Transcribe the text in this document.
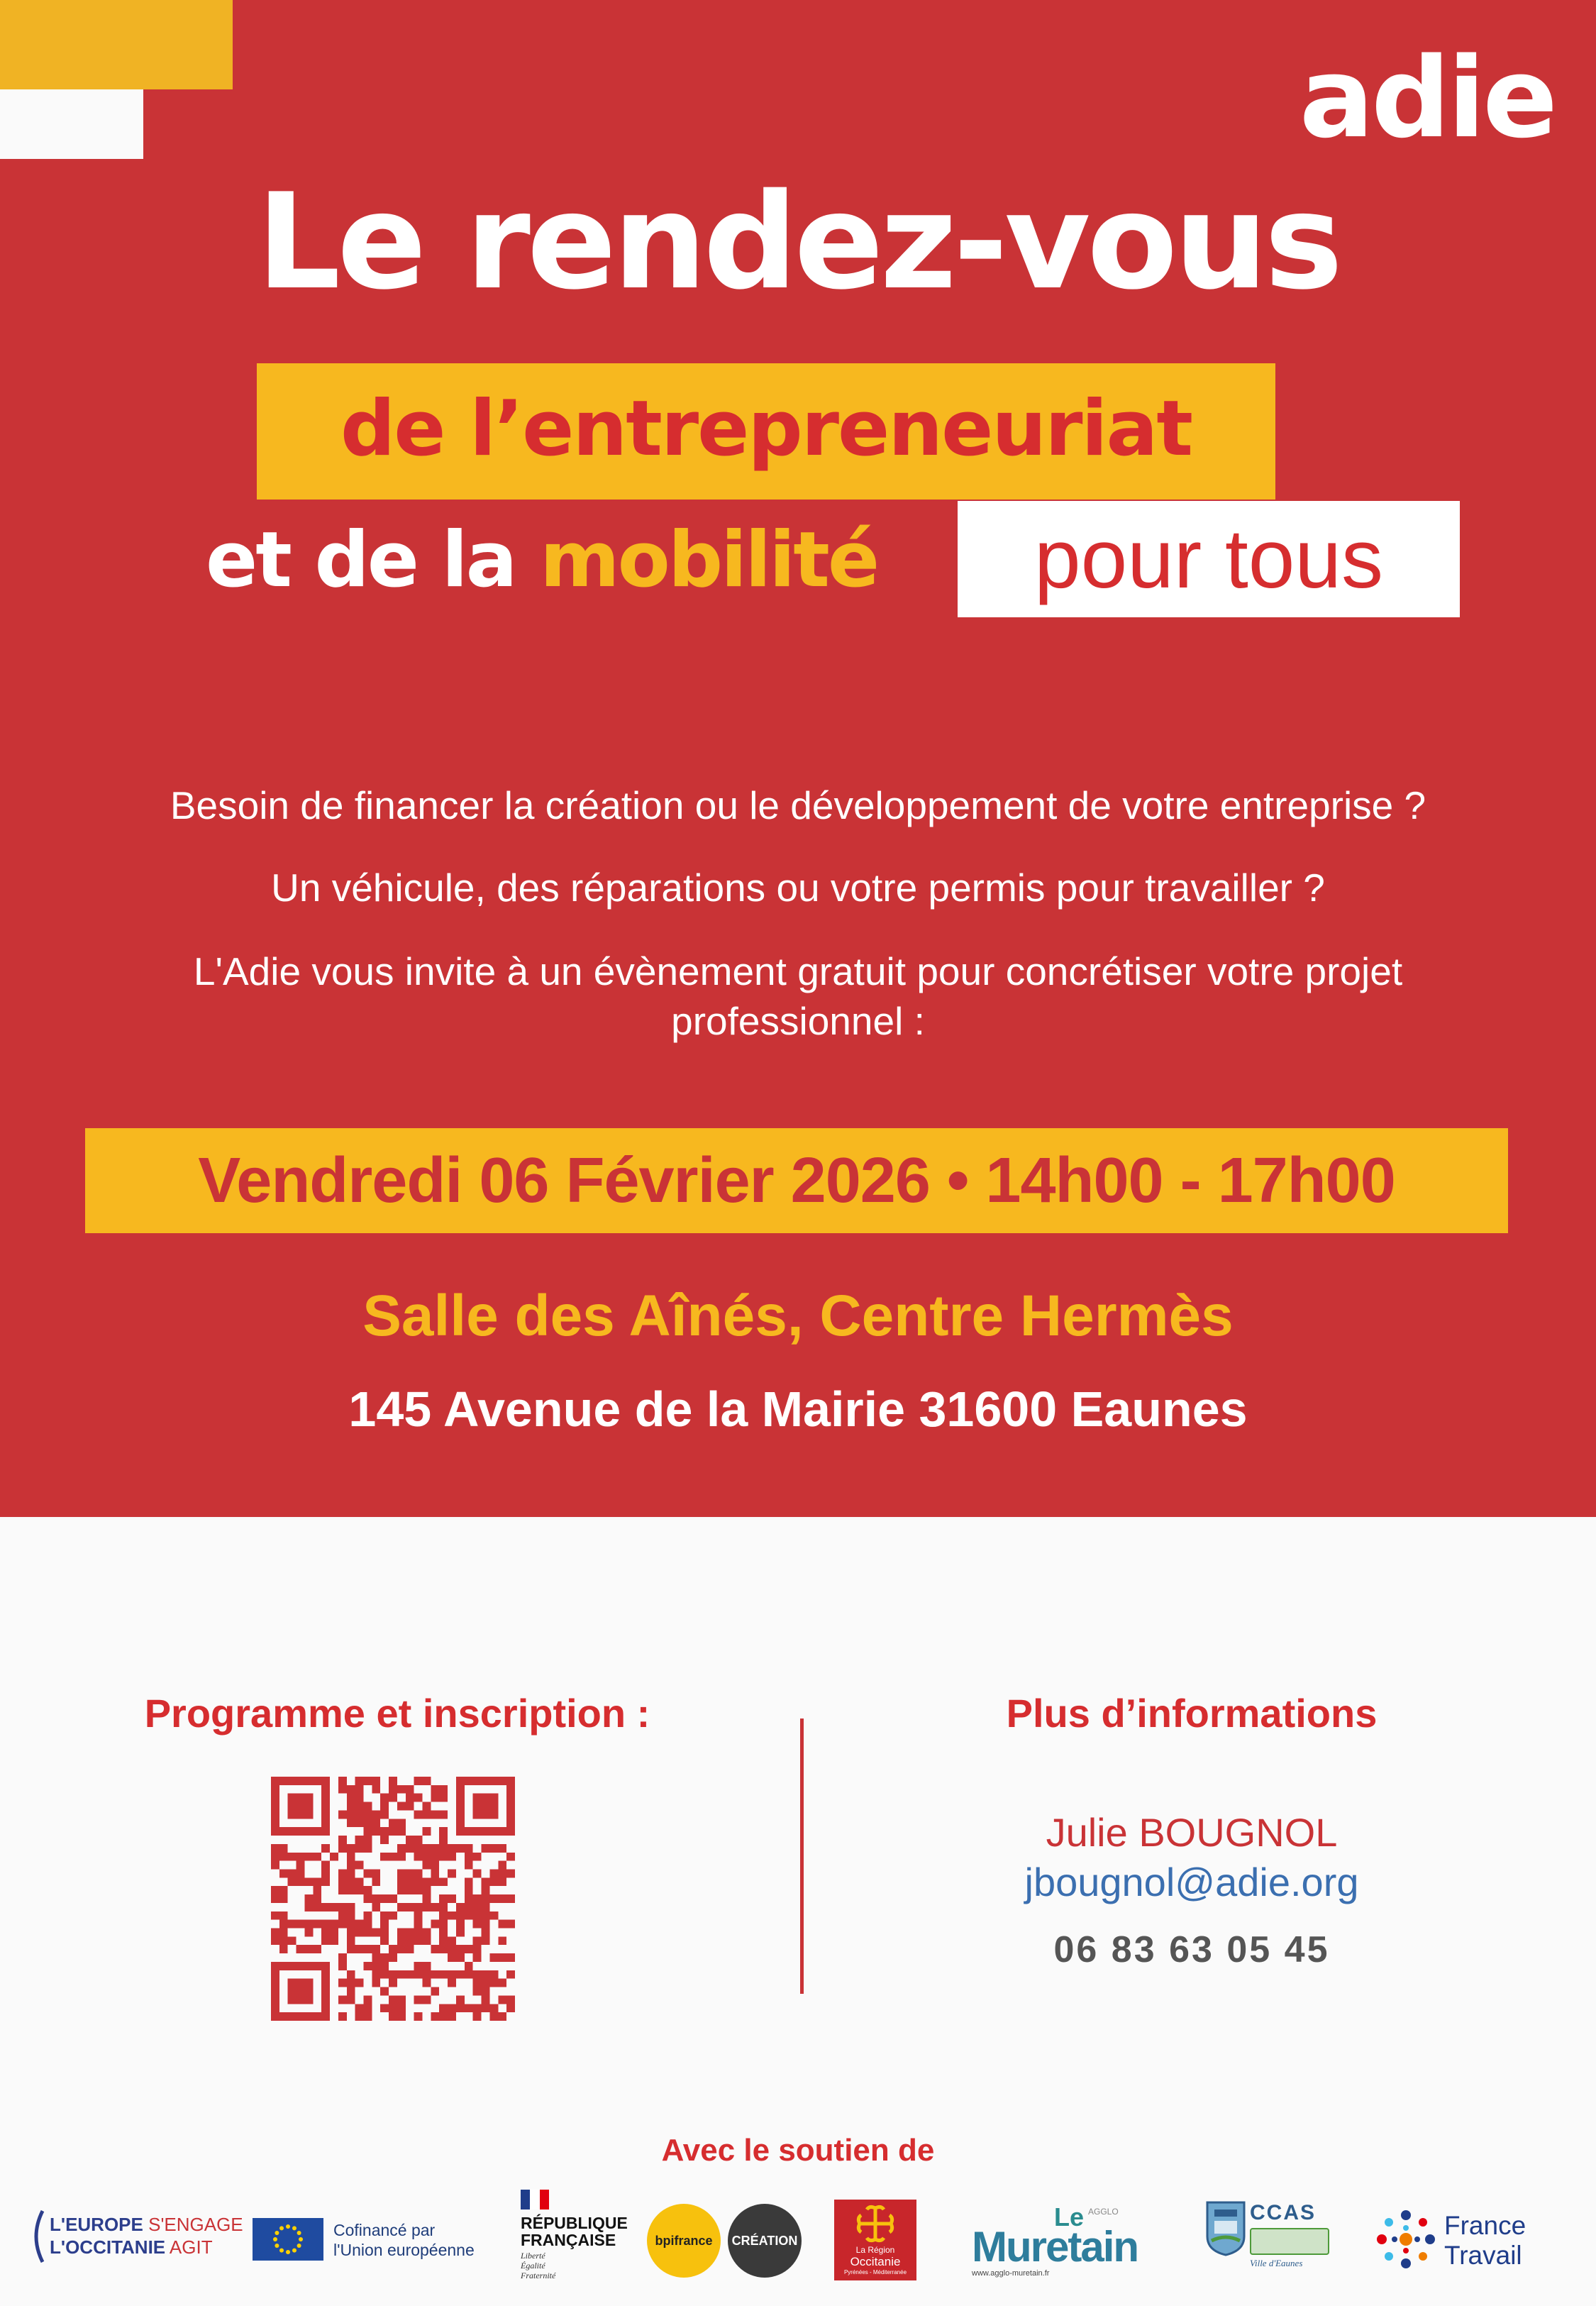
adie
Le rendez-vous
de l’entrepreneuriat
et de la mobilité	pour tous
Besoin de financer la création ou le développement de votre entreprise ?
Un véhicule, des réparations ou votre permis pour travailler ?
L'Adie vous invite à un évènement gratuit pour concrétiser votre projet
professionnel :
Vendredi 06 Février 2026 • 14h00 - 17h00
Salle des Aînés, Centre Hermès
145 Avenue de la Mairie 31600 Eaunes
Programme et inscription :	Plus d’informations
Julie BOUGNOL
jbougnol@adie.org
06 83 63 05 45
Avec le soutien de
L'EUROPE S'ENGAGE
L'OCCITANIE AGIT
Cofinancé par
l'Union européenne
RÉPUBLIQUE
FRANÇAISE
Liberté
Égalité
Fraternité
bpifrance CRÉATION
La Région
Occitanie
Pyrénées - Méditerranée
Le AGGLO
Muretain
www.agglo-muretain.fr
CCAS
Ville d'Eaunes
France
Travail
